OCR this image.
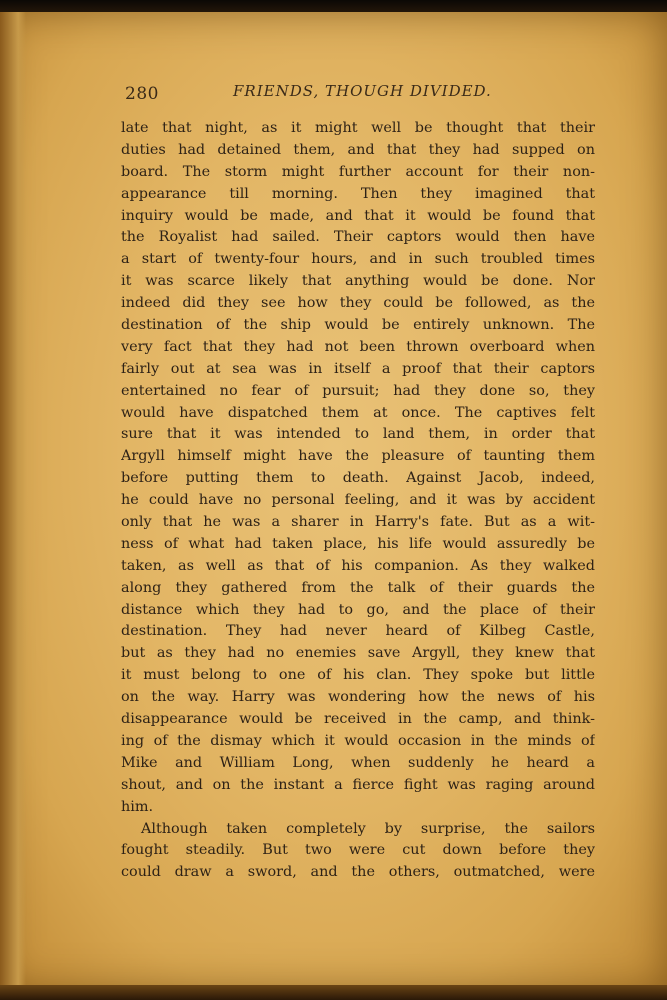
280	FRIENDS, THOUGH DIVIDED.
late that night, as it might well be thought that their
duties had detained them, and that they had supped on
board. The storm might further account for their non-
appearance till morning. Then they imagined that
inquiry would be made, and that it would be found that
the Royalist had sailed. Their captors would then have
a start of twenty-four hours, and in such troubled times
it was scarce likely that anything would be done. Nor
indeed did they see how they could be followed, as the
destination of the ship would be entirely unknown. The
very fact that they had not been thrown overboard when
fairly out at sea was in itself a proof that their captors
entertained no fear of pursuit; had they done so, they
would have dispatched them at once. The captives felt
sure that it was intended to land them, in order that
Argyll himself might have the pleasure of taunting them
before putting them to death. Against Jacob, indeed,
he could have no personal feeling, and it was by accident
only that he was a sharer in Harry's fate. But as a wit-
ness of what had taken place, his life would assuredly be
taken, as well as that of his companion. As they walked
along they gathered from the talk of their guards the
distance which they had to go, and the place of their
destination. They had never heard of Kilbeg Castle,
but as they had no enemies save Argyll, they knew that
it must belong to one of his clan. They spoke but little
on the way. Harry was wondering how the news of his
disappearance would be received in the camp, and think-
ing of the dismay which it would occasion in the minds of
Mike and William Long, when suddenly he heard a
shout, and on the instant a fierce fight was raging around
him.
Although taken completely by surprise, the sailors
fought steadily. But two were cut down before they
could draw a sword, and the others, outmatched, were
